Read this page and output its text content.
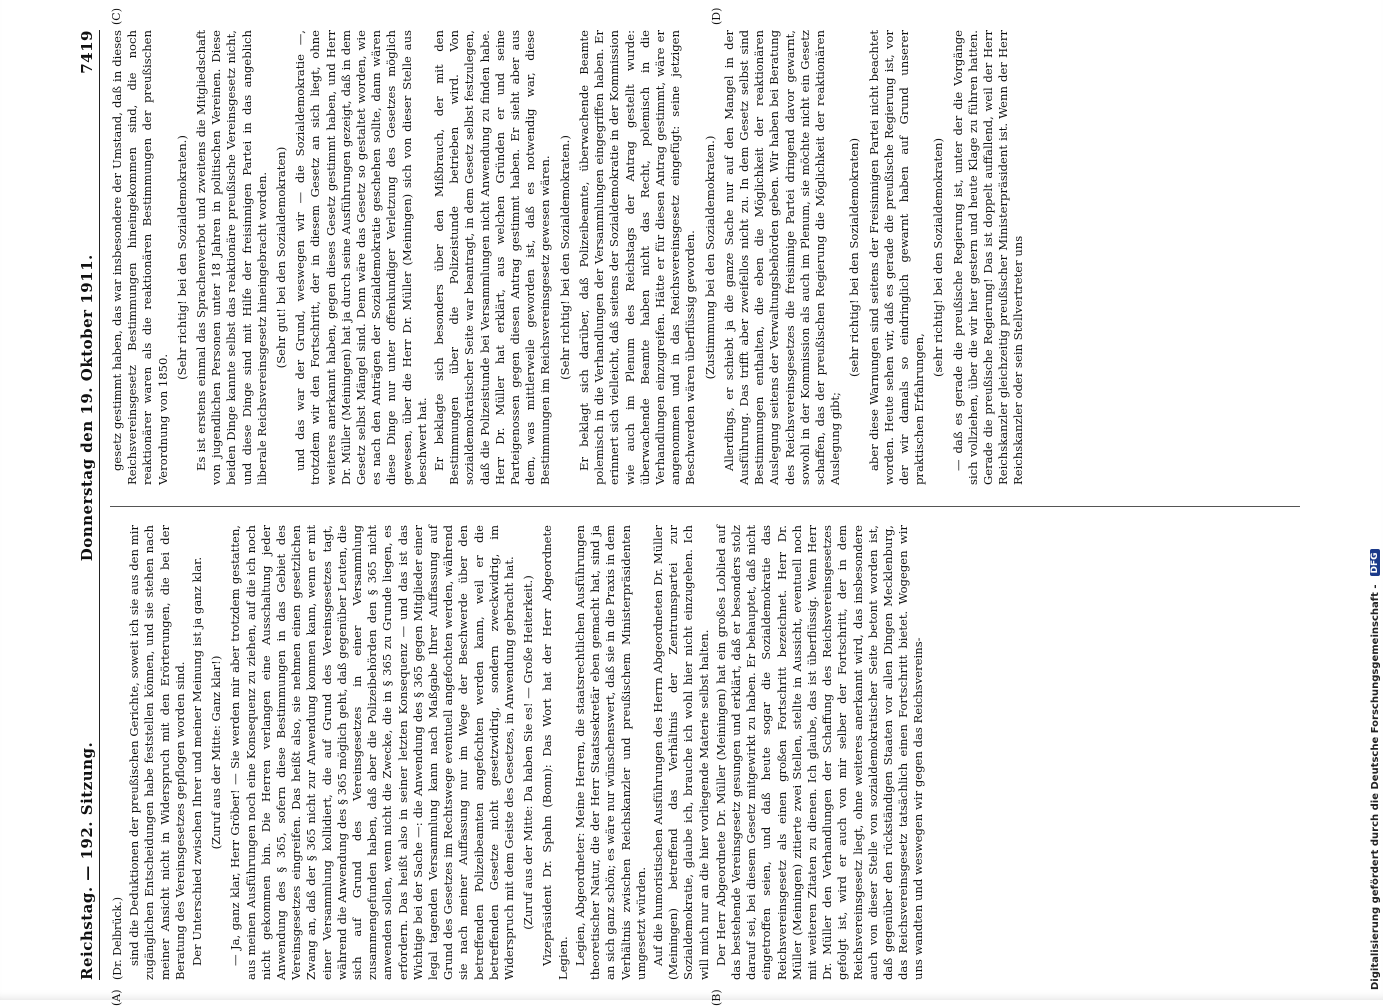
Reichstag. — 192. Sitzung.
Donnerstag den 19. Oktober 1911.
7419
(A)	(B)
(C)	(D)

(Dr. Delbrück.) sind die Deduktionen der preußischen Gerichte, soweit ich sie aus den mir zugänglichen Entscheidungen habe feststellen können, und sie stehen nach meiner Ansicht nicht in Widerspruch mit den Erörterungen, die bei der Beratung des Vereinsgesetzes gepflogen worden sind. Der Unterschied zwischen Ihrer und meiner Meinung ist ja ganz klar. (Zuruf aus der Mitte: Ganz klar!) — Ja, ganz klar, Herr Gröber! — Sie werden mir aber trotzdem gestatten, aus meinen Ausführungen noch eine Konsequenz zu ziehen, auf die ich noch nicht gekommen bin. Die Herren verlangen eine Ausschaltung jeder Anwendung des § 365, sofern diese Bestimmungen in das Gebiet des Vereinsgesetzes eingreifen. Das heißt also, sie nehmen einen gesetzlichen Zwang an, daß der § 365 nicht zur Anwendung kommen kann, wenn er mit einer Versammlung kollidiert, die auf Grund des Vereinsgesetzes tagt, während die Anwendung des § 365 möglich geht, daß gegenüber Leuten, die sich auf Grund des Vereinsgesetzes in einer Versammlung zusammengefunden haben, daß aber die Polizeibehörden den § 365 nicht anwenden sollen, wenn nicht die Zwecke, die in § 365 zu Grunde liegen, es erfordern. Das heißt also in seiner letzten Konsequenz — und das ist das Wichtige bei der Sache —: die Anwendung des § 365 gegen Mitglieder einer legal tagenden Versammlung kann nach Maßgabe Ihrer Auffassung auf Grund des Gesetzes im Rechtswege eventuell angefochten werden, während sie nach meiner Auffassung nur im Wege der Beschwerde über den betreffenden Polizeibeamten angefochten werden kann, weil er die betreffenden Gesetze nicht gesetzwidrig, sondern zweckwidrig, im Widerspruch mit dem Geiste des Gesetzes, in Anwendung gebracht hat. (Zuruf aus der Mitte: Da haben Sie es! — Große Heiterkeit.) Vizepräsident Dr. Spahn (Bonn): Das Wort hat der Herr Abgeordnete Legien. Legien, Abgeordneter: Meine Herren, die staatsrechtlichen Ausführungen theoretischer Natur, die der Herr Staatssekretär eben gemacht hat, sind ja an sich ganz schön; es wäre nur wünschenswert, daß sie in die Praxis in dem Verhältnis zwischen Reichskanzler und preußischem Ministerpräsidenten umgesetzt würden. Auf die humoristischen Ausführungen des Herrn Abgeordneten Dr. Müller (Meiningen) betreffend das Verhältnis der Zentrumspartei zur Sozialdemokratie, glaube ich, brauche ich wohl hier nicht einzugehen. Ich will mich nur an die hier vorliegende Materie selbst halten. Der Herr Abgeordnete Dr. Müller (Meiningen) hat ein großes Loblied auf das bestehende Vereinsgesetz gesungen und erklärt, daß er besonders stolz darauf sei, bei diesem Gesetz mitgewirkt zu haben. Er behauptet, daß nicht eingetroffen seien, und daß heute sogar die Sozialdemokratie das Reichsvereinsgesetz als einen großen Fortschritt bezeichnet. Herr Dr. Müller (Meiningen) zitierte zwei Stellen, stellte in Aussicht, eventuell noch mit weiteren Zitaten zu dienen. Ich glaube, das ist überflüssig. Wenn Herr Dr. Müller den Verhandlungen der Schaffung des Reichsvereinsgesetzes gefolgt ist, wird er auch von mir selber der Fortschritt, der in dem Reichsvereinsgesetz liegt, ohne weiteres anerkannt wird, das insbesondere auch von dieser Stelle von sozialdemokratischer Seite betont worden ist, daß gegenüber den rückständigen Staaten vor allen Dingen Mecklenburg, das Reichsvereinsgesetz tatsächlich einen Fortschritt bietet. Wogegen wir uns wandten und weswegen wir gegen das Reichsvereins-

gesetz gestimmt haben, das war insbesondere der Umstand, daß in dieses Reichsvereinsgesetz Bestimmungen hineingekommen sind, die noch reaktionärer waren als die reaktionären Bestimmungen der preußischen Verordnung von 1850.

(Sehr richtig! bei den Sozialdemokraten.) Es ist erstens einmal das Sprachenverbot und zweitens die Mitgliedschaft von jugendlichen Personen unter 18 Jahren in politischen Vereinen. Diese beiden Dinge kannte selbst das reaktionäre preußische Vereinsgesetz nicht, und diese Dinge sind mit Hilfe der freisinnigen Partei in das angeblich liberale Reichsvereinsgesetz hineingebracht worden. (Sehr gut! bei den Sozialdemokraten) und das war der Grund, weswegen wir — die Sozialdemokratie —, trotzdem wir den Fortschritt, der in diesem Gesetz an sich liegt, ohne weiteres anerkannt haben, gegen dieses Gesetz gestimmt haben, und Herr Dr. Müller (Meiningen) hat ja durch seine Ausführungen gezeigt, daß in dem Gesetz selbst Mängel sind. Denn wäre das Gesetz so gestaltet worden, wie es nach den Anträgen der Sozialdemokratie geschehen sollte, dann wären diese Dinge nur unter offenkundiger Verletzung des Gesetzes möglich gewesen, über die Herr Dr. Müller (Meiningen) sich von dieser Stelle aus beschwert hat. Er beklagte sich besonders über den Mißbrauch, der mit den Bestimmungen über die Polizeistunde betrieben wird. Von sozialdemokratischer Seite war beantragt, in dem Gesetz selbst festzulegen, daß die Polizeistunde bei Versammlungen nicht Anwendung zu finden habe. Herr Dr. Müller hat erklärt, aus welchen Gründen er und seine Parteigenossen gegen diesen Antrag gestimmt haben. Er sieht aber aus dem, was mittlerweile geworden ist, daß es notwendig war, diese Bestimmungen im Reichsvereinsgesetz gewesen wären. (Sehr richtig! bei den Sozialdemokraten.) Er beklagt sich darüber, daß Polizeibeamte, überwachende Beamte polemisch in die Verhandlungen der Versammlungen eingegriffen haben. Er erinnert sich vielleicht, daß seitens der Sozialdemokratie in der Kommission wie auch im Plenum des Reichstags der Antrag gestellt wurde: überwachende Beamte haben nicht das Recht, polemisch in die Verhandlungen einzugreifen. Hätte er für diesen Antrag gestimmt, wäre er angenommen und in das Reichsvereinsgesetz eingefügt: seine jetzigen Beschwerden wären überflüssig geworden. (Zustimmung bei den Sozialdemokraten.) Allerdings, er schiebt ja die ganze Sache nur auf den Mangel in der Ausführung. Das trifft aber zweifellos nicht zu. In dem Gesetz selbst sind Bestimmungen enthalten, die eben die Möglichkeit der reaktionären Auslegung seitens der Verwaltungsbehörden geben. Wir haben bei Beratung des Reichsvereinsgesetzes die freisinnige Partei dringend davor gewarnt, sowohl in der Kommission als auch im Plenum, sie möchte nicht ein Gesetz schaffen, das der preußischen Regierung die Möglichkeit der reaktionären Auslegung gibt;

(sehr richtig! bei den Sozialdemokraten) aber diese Warnungen sind seitens der Freisinnigen Partei nicht beachtet worden. Heute sehen wir, daß es gerade die preußische Regierung ist, vor der wir damals so eindringlich gewarnt haben auf Grund unserer praktischen Erfahrungen,

(sehr richtig! bei den Sozialdemokraten) — daß es gerade die preußische Regierung ist, unter der die Vorgänge sich vollziehen, über die wir hier gestern und heute Klage zu führen hatten. Gerade die preußische Regierung! Das ist doppelt auffallend, weil der Herr Reichskanzler gleichzeitig preußischer Ministerpräsident ist. Wenn der Herr Reichskanzler oder sein Stellvertreter uns

Digitalisierung gefördert durch die Deutsche Forschungsgemeinschaft -
DFG
